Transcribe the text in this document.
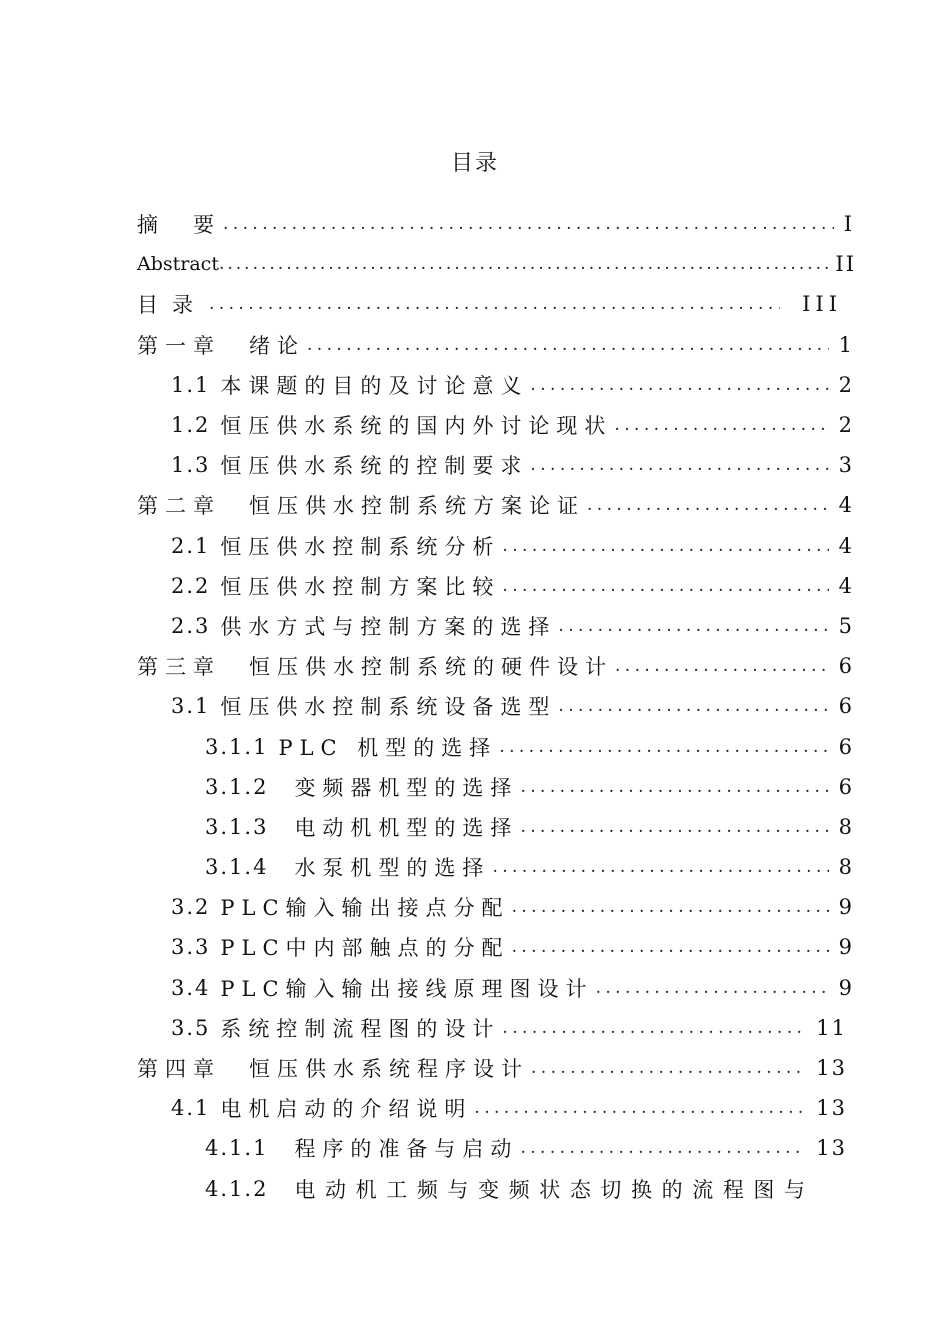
目录
摘　要 .....	I
Abstract .....	II
目录 .....	III
第一章　绪论 .....	1
1.1 本课题的目的及讨论意义 .....	2
1.2 恒压供水系统的国内外讨论现状 .....	2
1.3 恒压供水系统的控制要求 .....	3
第二章　恒压供水控制系统方案论证 .....	4
2.1 恒压供水控制系统分析 .....	4
2.2 恒压供水控制方案比较 .....	4
2.3 供水方式与控制方案的选择 .....	5
第三章　恒压供水控制系统的硬件设计 .....	6
3.1 恒压供水控制系统设备选型 .....	6
3.1.1 PLC 机型的选择 .....	6
3.1.2 变频器机型的选择 .....	6
3.1.3 电动机机型的选择 .....	8
3.1.4 水泵机型的选择 .....	8
3.2 PLC输入输出接点分配 .....	9
3.3 PLC中内部触点的分配 .....	9
3.4 PLC输入输出接线原理图设计 .....	9
3.5 系统控制流程图的设计 .....	11
第四章　恒压供水系统程序设计 .....	13
4.1 电机启动的介绍说明 .....	13
4.1.1 程序的准备与启动 .....	13
4.1.2 电动机工频与变频状态切换的流程图与
